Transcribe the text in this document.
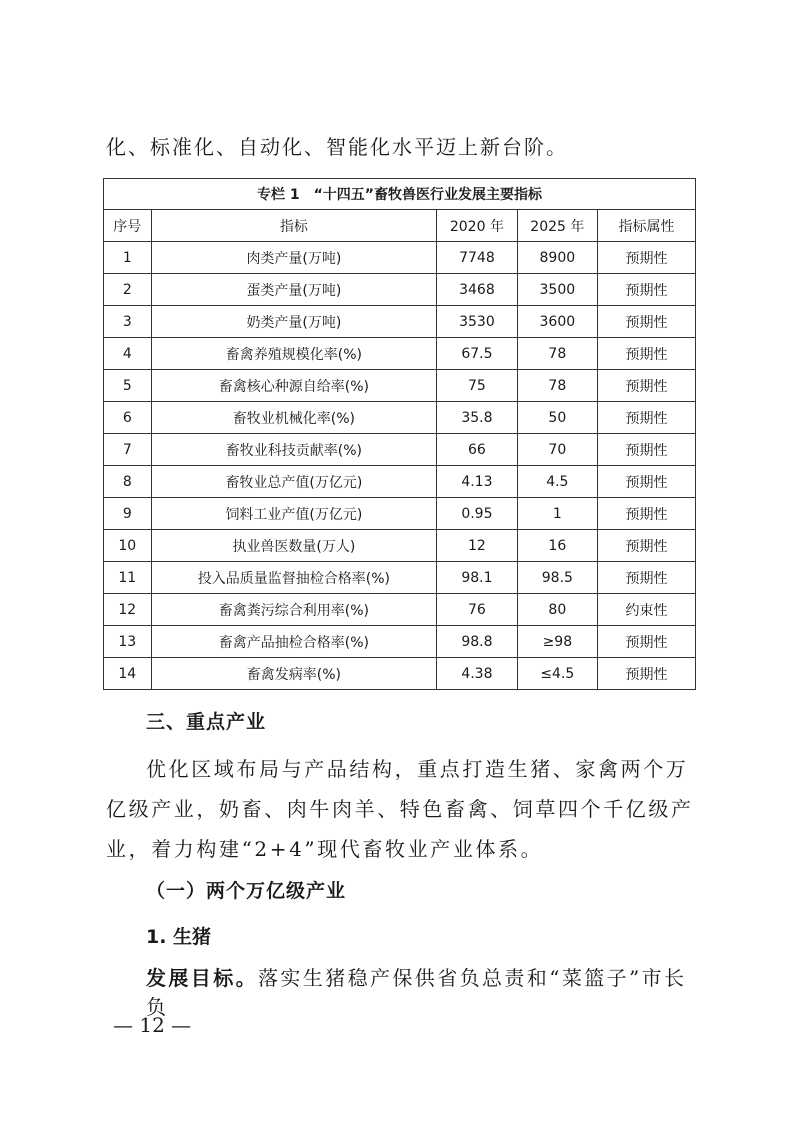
化、标准化、自动化、智能化水平迈上新台阶。
专栏 1　“十四五”畜牧兽医行业发展主要指标				
序号	指标	2020 年	2025 年	指标属性
1	肉类产量(万吨)	7748	8900	预期性
2	蛋类产量(万吨)	3468	3500	预期性
3	奶类产量(万吨)	3530	3600	预期性
4	畜禽养殖规模化率(%)	67.5	78	预期性
5	畜禽核心种源自给率(%)	75	78	预期性
6	畜牧业机械化率(%)	35.8	50	预期性
7	畜牧业科技贡献率(%)	66	70	预期性
8	畜牧业总产值(万亿元)	4.13	4.5	预期性
9	饲料工业产值(万亿元)	0.95	1	预期性
10	执业兽医数量(万人)	12	16	预期性
11	投入品质量监督抽检合格率(%)	98.1	98.5	预期性
12	畜禽粪污综合利用率(%)	76	80	约束性
13	畜禽产品抽检合格率(%)	98.8	≥98	预期性
14	畜禽发病率(%)	4.38	≤4.5	预期性
三、重点产业
优化区域布局与产品结构，重点打造生猪、家禽两个万亿级产业，奶畜、肉牛肉羊、特色畜禽、饲草四个千亿级产业，着力构建“2+4”现代畜牧业产业体系。
（一）两个万亿级产业
1. 生猪
发展目标。落实生猪稳产保供省负总责和“菜篮子”市长负
— 12 —
